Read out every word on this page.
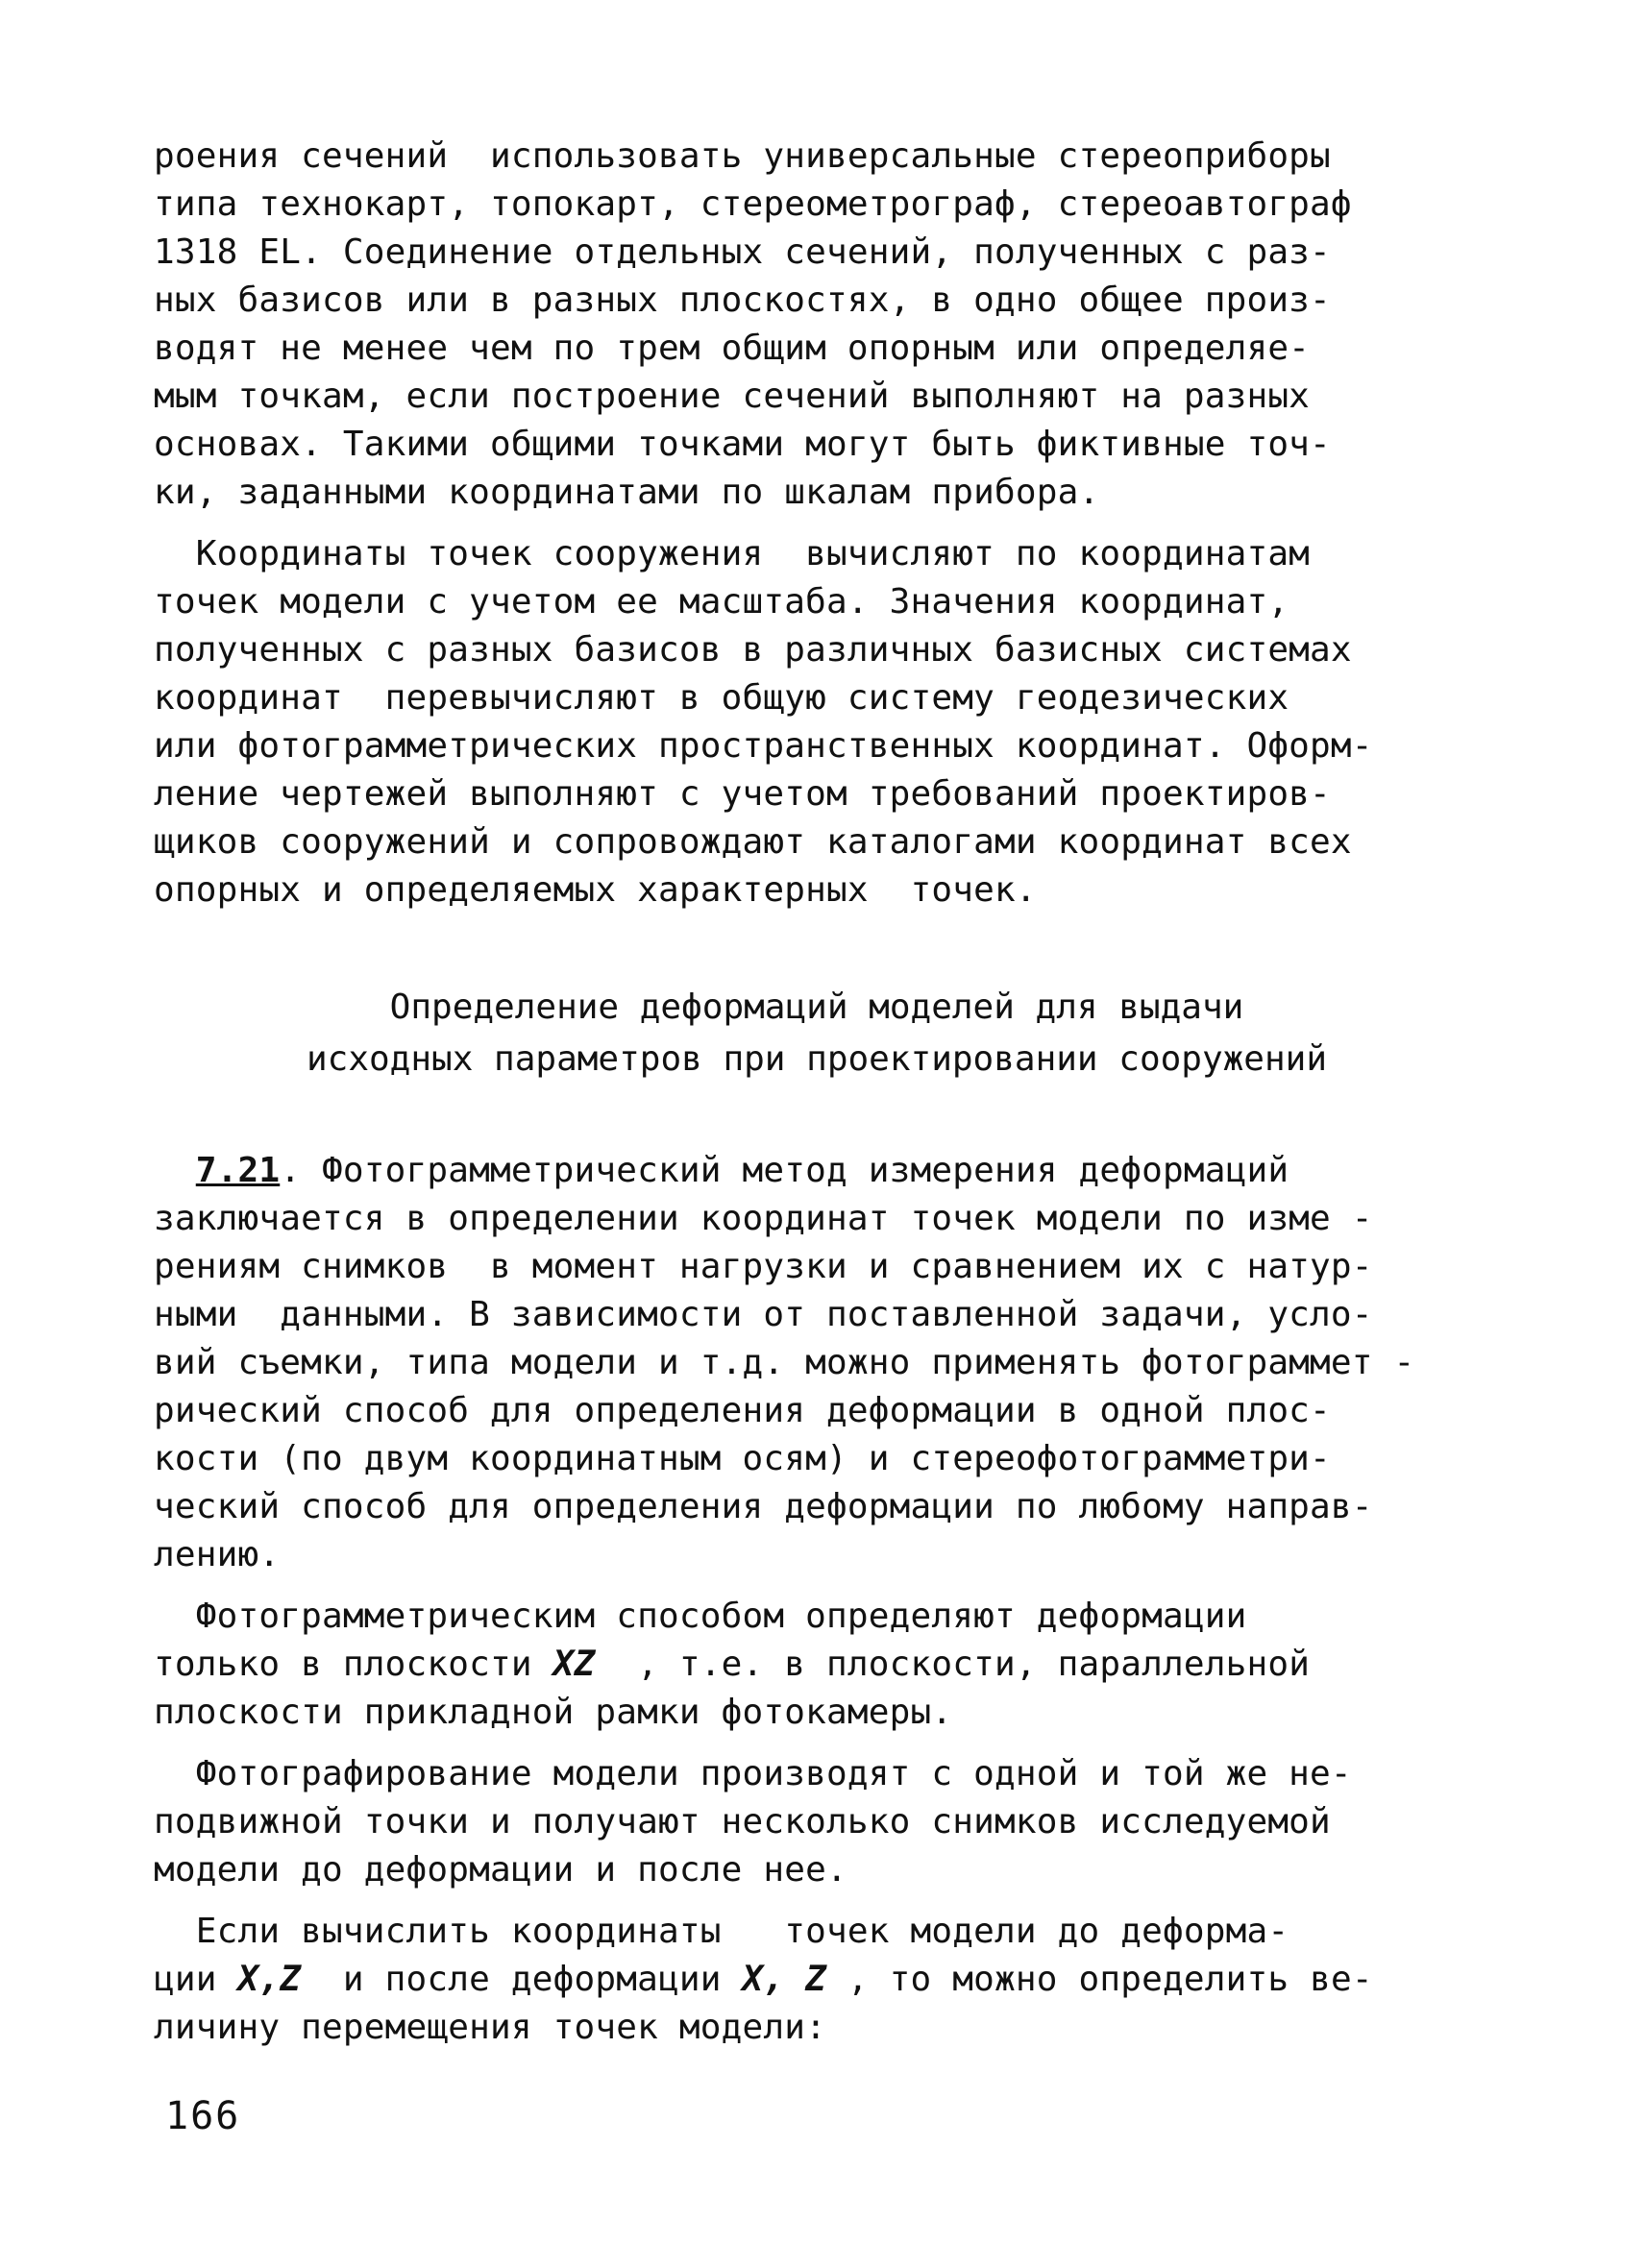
роения сечений  использовать универсальные стереоприборы
типа технокарт, топокарт, стереометрограф, стереоавтограф
1318 EL. Соединение отдельных сечений, полученных с раз-
ных базисов или в разных плоскостях, в одно общее произ-
водят не менее чем по трем общим опорным или определяе-
мым точкам, если построение сечений выполняют на разных
основах. Такими общими точками могут быть фиктивные точ-
ки, заданными координатами по шкалам приборa.
Координаты точек сооружения  вычисляют по координатам
точек модели с учетом ее масштаба. Значения координат,
полученных с разных базисов в различных базисных системах
координат  перевычисляют в общую систему геодезических
или фотограмметрических пространственных координат. Оформ-
ление чертежей выполняют с учетом требований проектиров-
щиков сооружений и сопровождают каталогами координат всех
опорных и определяемых характерных  точек.
Определение деформаций моделей для выдачи
исходных параметров при проектировании сооружений
7.21. Фотограмметрический метод измерения деформаций
заключается в определении координат точек модели по изме -
рениям снимков  в момент нагрузки и сравнением их с натур-
ными  данными. В зависимости от поставленной задачи, усло-
вий съемки, типа модели и т.д. можно применять фотограммет -
рический способ для определения деформации в одной плос-
кости (по двум координатным осям) и стереофотограмметри-
ческий способ для определения деформации по любому направ-
лению.
Фотограмметрическим способом определяют деформации
только в плоскости XZ  , т.е. в плоскости, параллельной
плоскости прикладной рамки фотокамеры.
Фотографирование модели производят с одной и той же не-
подвижной точки и получают несколько снимков исследуемой
модели до деформации и после нее.
Если вычислить координаты   точек модели до деформа-
ции X,Z  и после деформации X, Z , то можно определить ве-
личину перемещения точек модели:
166
